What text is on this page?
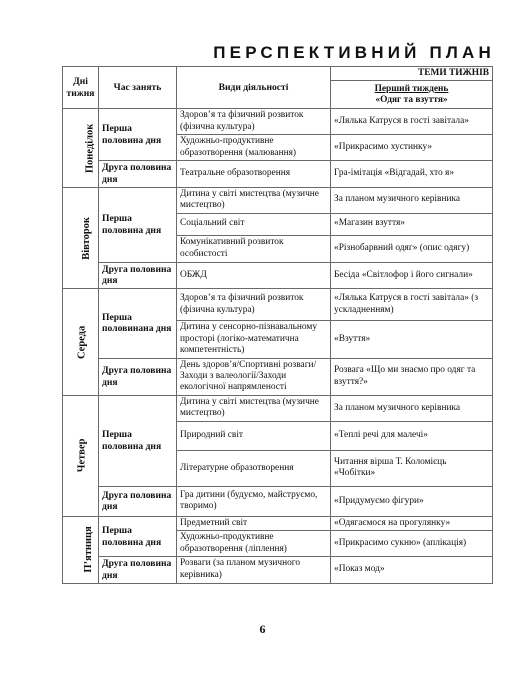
ПЕРСПЕКТИВНИЙ ПЛАН
Дні тижня	Час занять	Види діяльності	ТЕМИ ТИЖНІВ
			Перший тиждень
«Одяг та взуття»
Понеділок	Перша половина дня	Здоров’я та фізичний розвиток (фізична культура)	«Лялька Катруся в гості завітала»
		Художньо-продуктивне образотворення (малювання)	«Прикрасимо хустинку»
	Друга половина дня	Театральне образотворення	Гра-імітація «Відгадай, хто я»
Вівторок	Перша половина дня	Дитина у світі мистецтва (музичне мистецтво)	За планом музичного керівника
		Соціальний світ	«Магазин взуття»
		Комунікативний розвиток особистості	«Різнобарвний одяг» (опис одягу)
	Друга половина дня	ОБЖД	Бесіда «Світлофор і його сигнали»
Середа	Перша половинана дня	Здоров’я та фізичний розвиток (фізична культура)	«Лялька Катруся в гості завітала» (з ускладненням)
		Дитина у сенсорно-пізнавальному просторі (логіко-математична компетентність)	«Взуття»
	Друга половина дня	День здоров’я/Спортивні розваги/Заходи з валеології/Заходи екологічної напрямленості	Розвага «Що ми знаємо про одяг та взуття?»
Четвер	Перша половина дня	Дитина у світі мистецтва (музичне мистецтво)	За планом музичного керівника
		Природний світ	«Теплі речі для малечі»
		Літературне образотворення	Читання вірша Т. Коломієць «Чобітки»
	Друга половина дня	Гра дитини (будуємо, майструємо, творимо)	«Придумуємо фігури»
П’ятниця	Перша половина дня	Предметний світ	«Одягаємося на прогулянку»
		Художньо-продуктивне образотворення (ліплення)	«Прикрасимо сукню» (аплікація)
	Друга половина дня	Розваги (за планом музичного керівника)	«Показ мод»
6
